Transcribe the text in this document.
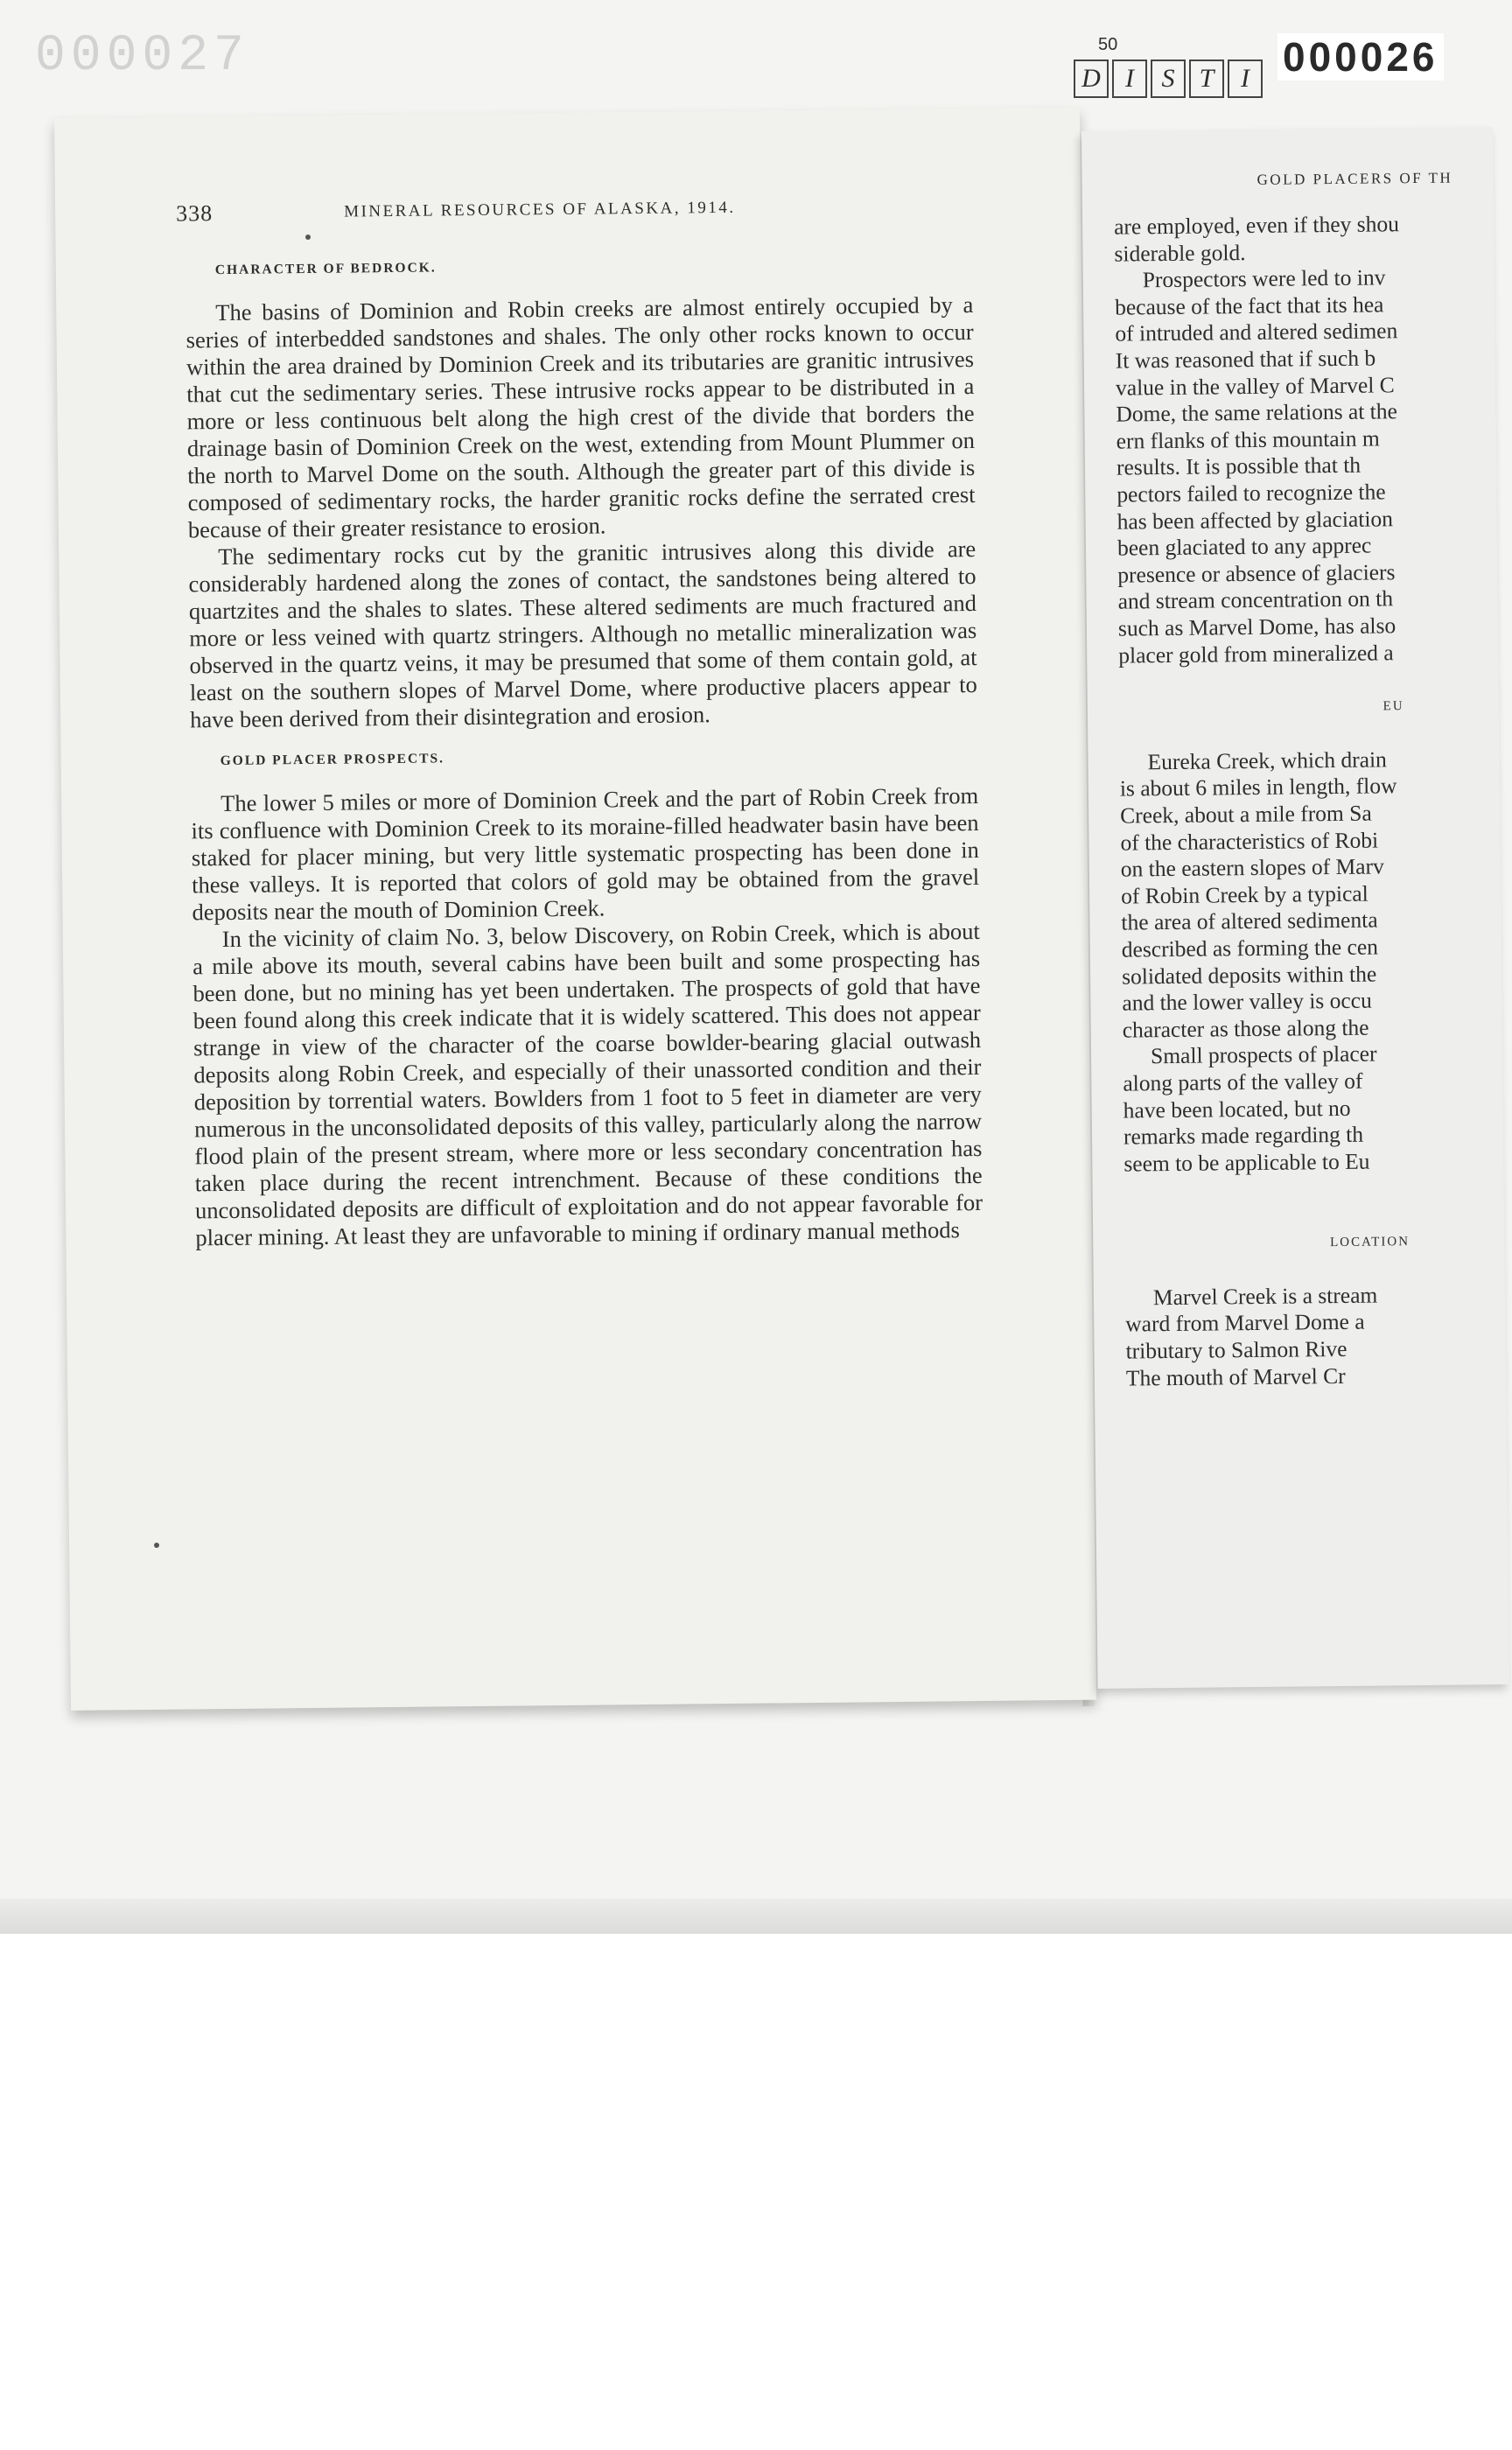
000027	50
D I	S T	I 000026
338	MINERAL RESOURCES OF ALASKA, 1914.

CHARACTER OF BEDROCK.

The basins of Dominion and Robin creeks are almost entirely occupied by a series of interbedded sandstones and shales. The only other rocks known to occur within the area drained by Dominion Creek and its tributaries are granitic intrusives that cut the sedimentary series. These intrusive rocks appear to be distributed in a more or less continuous belt along the high crest of the divide that borders the drainage basin of Dominion Creek on the west, extending from Mount Plummer on the north to Marvel Dome on the south. Although the greater part of this divide is composed of sedimentary rocks, the harder granitic rocks define the serrated crest because of their greater resistance to erosion.

The sedimentary rocks cut by the granitic intrusives along this divide are considerably hardened along the zones of contact, the sandstones being altered to quartzites and the shales to slates. These altered sediments are much fractured and more or less veined with quartz stringers. Although no metallic mineralization was observed in the quartz veins, it may be presumed that some of them contain gold, at least on the southern slopes of Marvel Dome, where productive placers appear to have been derived from their disintegration and erosion.

GOLD PLACER PROSPECTS.

The lower 5 miles or more of Dominion Creek and the part of Robin Creek from its confluence with Dominion Creek to its moraine-filled headwater basin have been staked for placer mining, but very little systematic prospecting has been done in these valleys. It is reported that colors of gold may be obtained from the gravel deposits near the mouth of Dominion Creek.

In the vicinity of claim No. 3, below Discovery, on Robin Creek, which is about a mile above its mouth, several cabins have been built and some prospecting has been done, but no mining has yet been undertaken. The prospects of gold that have been found along this creek indicate that it is widely scattered. This does not appear strange in view of the character of the coarse bowlder-bearing glacial outwash deposits along Robin Creek, and especially of their unassorted condition and their deposition by torrential waters. Bowlders from 1 foot to 5 feet in diameter are very numerous in the unconsolidated deposits of this valley, particularly along the narrow flood plain of the present stream, where more or less secondary concentration has taken place during the recent intrenchment. Because of these conditions the unconsolidated deposits are difficult of exploitation and do not appear favorable for placer mining. At least they are unfavorable to mining if ordinary manual methods

GOLD PLACERS OF TH
are employed, even if they shou
siderable gold.
Prospectors were led to inv
because of the fact that its hea
of intruded and altered sedimen
It was reasoned that if such b
value in the valley of Marvel C
Dome, the same relations at the
ern flanks of this mountain m
results. It is possible that th
pectors failed to recognize the
has been affected by glaciation
been glaciated to any apprec
presence or absence of glaciers
and stream concentration on th
such as Marvel Dome, has also
placer gold from mineralized a
EU
Eureka Creek, which drain
is about 6 miles in length, flow
Creek, about a mile from Sa
of the characteristics of Robi
on the eastern slopes of Marv
of Robin Creek by a typical
the area of altered sedimenta
described as forming the cen
solidated deposits within the
and the lower valley is occu
character as those along the
Small prospects of placer
along parts of the valley of
have been located, but no
remarks made regarding th
seem to be applicable to Eu
LOCATION
Marvel Creek is a stream
ward from Marvel Dome a
tributary to Salmon Rive
The mouth of Marvel Cr
